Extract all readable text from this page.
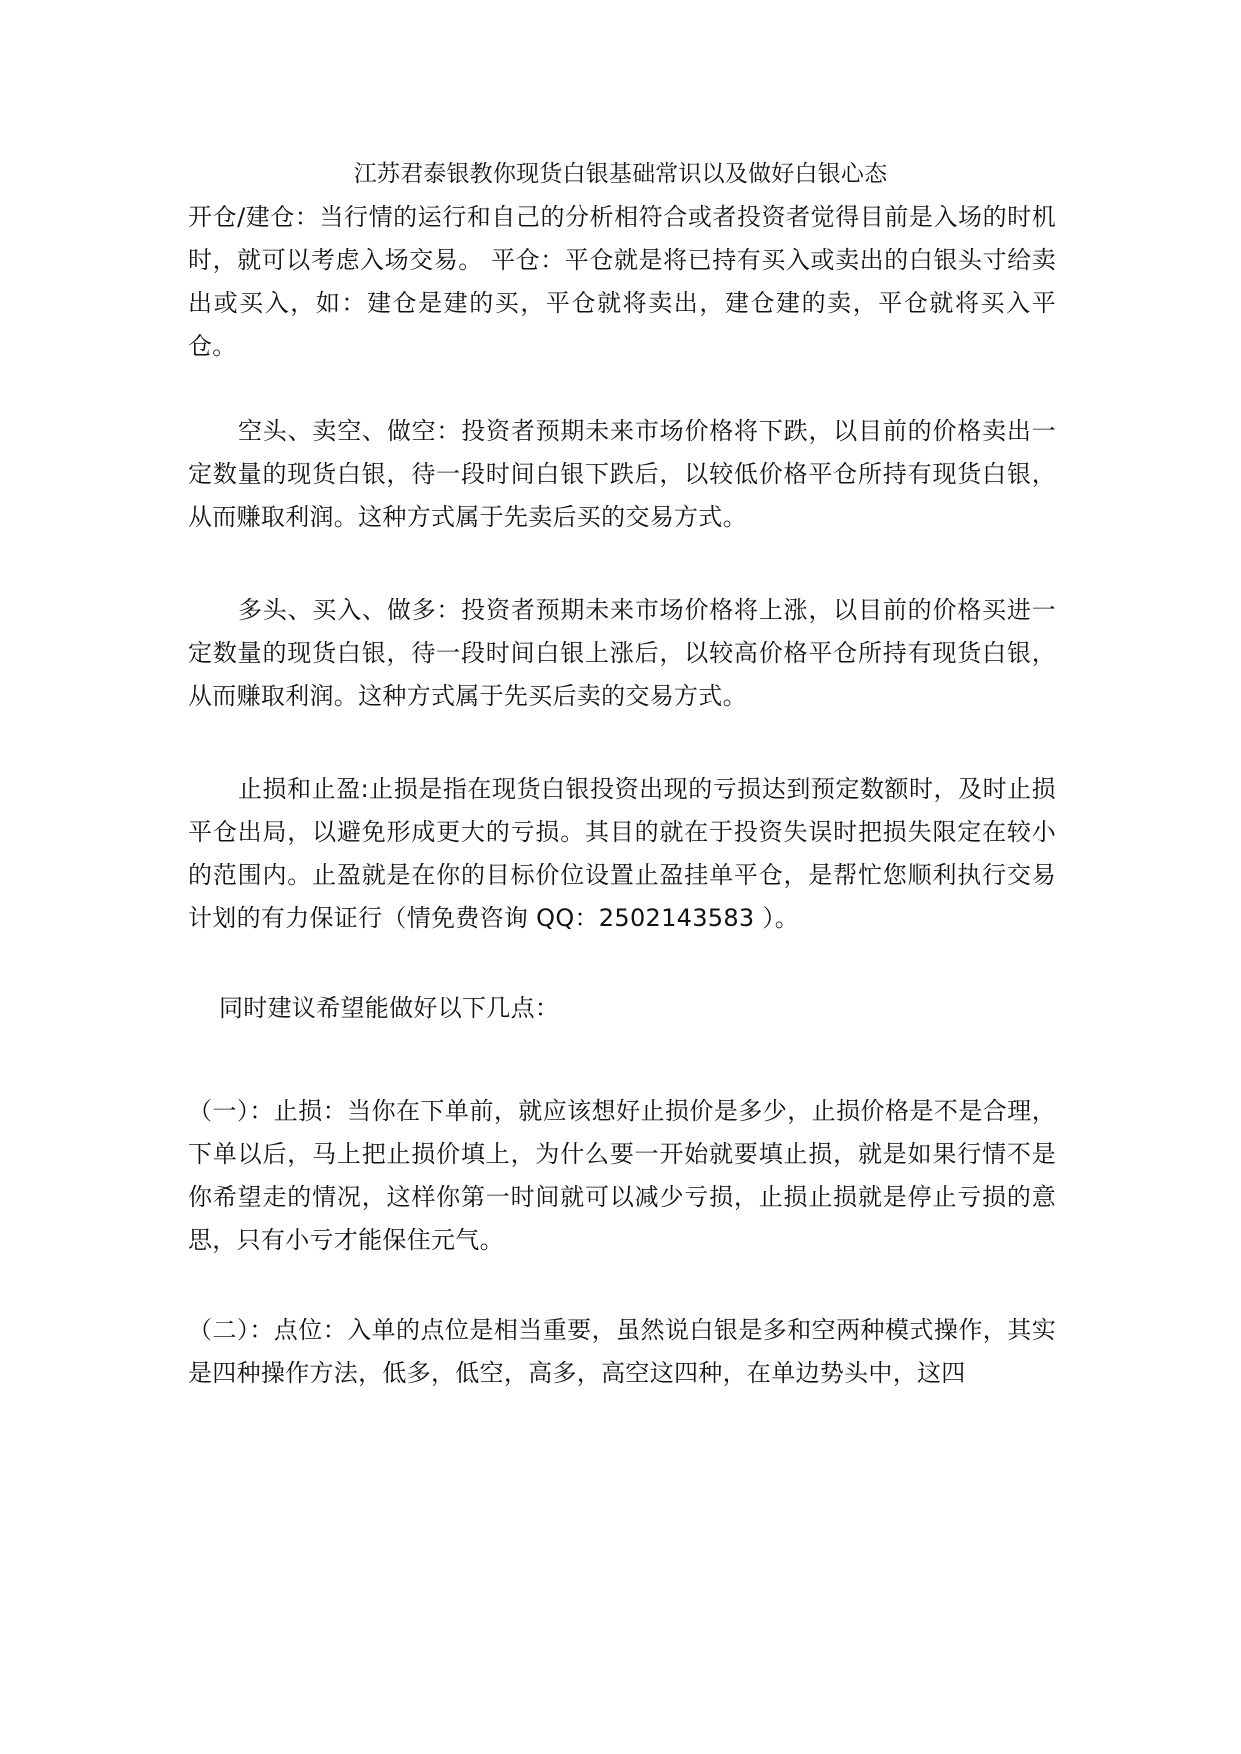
江苏君泰银教你现货白银基础常识以及做好白银心态

开仓/建仓：当行情的运行和自己的分析相符合或者投资者觉得目前是入场的时机时，就可以考虑入场交易。 平仓：平仓就是将已持有买入或卖出的白银头寸给卖出或买入，如：建仓是建的买，平仓就将卖出，建仓建的卖，平仓就将买入平仓。

空头、卖空、做空：投资者预期未来市场价格将下跌，以目前的价格卖出一定数量的现货白银，待一段时间白银下跌后，以较低价格平仓所持有现货白银，从而赚取利润。这种方式属于先卖后买的交易方式。

多头、买入、做多：投资者预期未来市场价格将上涨，以目前的价格买进一定数量的现货白银，待一段时间白银上涨后，以较高价格平仓所持有现货白银，从而赚取利润。这种方式属于先买后卖的交易方式。

止损和止盈:止损是指在现货白银投资出现的亏损达到预定数额时，及时止损平仓出局，以避免形成更大的亏损。其目的就在于投资失误时把损失限定在较小的范围内。止盈就是在你的目标价位设置止盈挂单平仓，是帮忙您顺利执行交易计划的有力保证行（情免费咨询 QQ：2502143583 ）。

同时建议希望能做好以下几点：

（一）：止损：当你在下单前，就应该想好止损价是多少，止损价格是不是合理，下单以后，马上把止损价填上，为什么要一开始就要填止损，就是如果行情不是你希望走的情况，这样你第一时间就可以减少亏损，止损止损就是停止亏损的意思，只有小亏才能保住元气。

（二）：点位：入单的点位是相当重要，虽然说白银是多和空两种模式操作，其实是四种操作方法，低多，低空，高多，高空这四种，在单边势头中，这四
